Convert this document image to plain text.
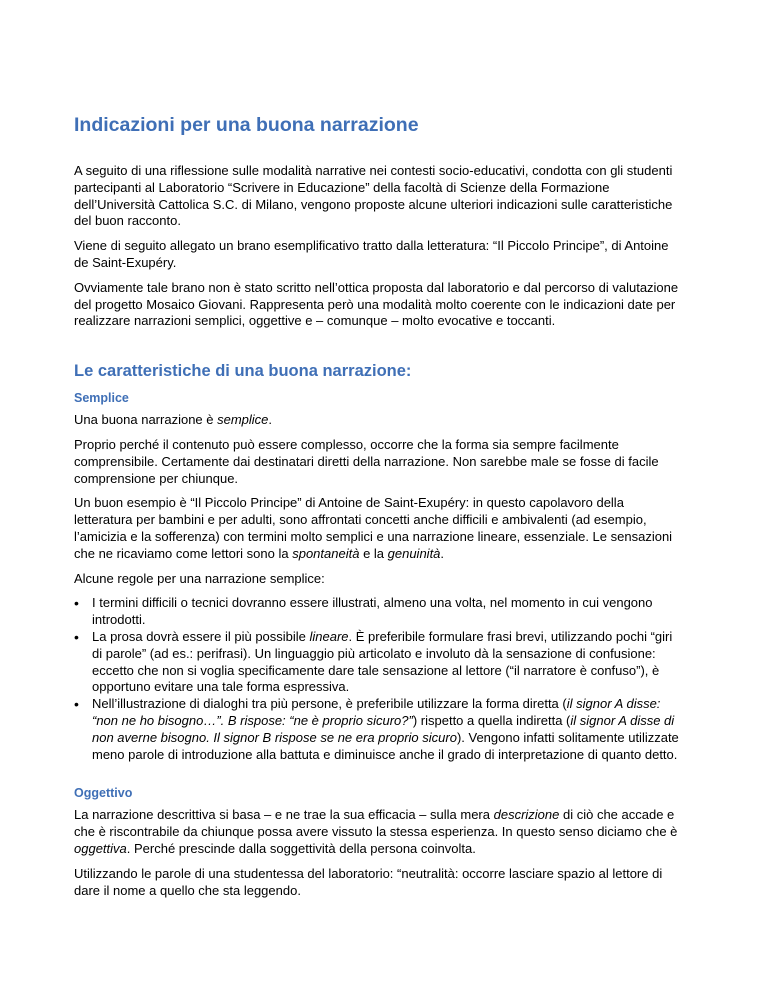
Indicazioni per una buona narrazione

A seguito di una riflessione sulle modalità narrative nei contesti socio-educativi, condotta con gli studenti partecipanti al Laboratorio “Scrivere in Educazione” della facoltà di Scienze della Formazione dell’Università Cattolica S.C. di Milano, vengono proposte alcune ulteriori indicazioni sulle caratteristiche del buon racconto.

Viene di seguito allegato un brano esemplificativo tratto dalla letteratura: “Il Piccolo Principe”, di Antoine de Saint-Exupéry.

Ovviamente tale brano non è stato scritto nell’ottica proposta dal laboratorio e dal percorso di valutazione del progetto Mosaico Giovani. Rappresenta però una modalità molto coerente con le indicazioni date per realizzare narrazioni semplici, oggettive e – comunque – molto evocative e toccanti.

Le caratteristiche di una buona narrazione:
Semplice

Una buona narrazione è semplice.

Proprio perché il contenuto può essere complesso, occorre che la forma sia sempre facilmente comprensibile. Certamente dai destinatari diretti della narrazione. Non sarebbe male se fosse di facile comprensione per chiunque.

Un buon esempio è “Il Piccolo Principe” di Antoine de Saint-Exupéry: in questo capolavoro della letteratura per bambini e per adulti, sono affrontati concetti anche difficili e ambivalenti (ad esempio, l’amicizia e la sofferenza) con termini molto semplici e una narrazione lineare, essenziale. Le sensazioni che ne ricaviamo come lettori sono la spontaneità e la genuinità.

Alcune regole per una narrazione semplice:

• I termini difficili o tecnici dovranno essere illustrati, almeno una volta, nel momento in cui vengono introdotti.
• La prosa dovrà essere il più possibile lineare. È preferibile formulare frasi brevi, utilizzando pochi “giri di parole” (ad es.: perifrasi). Un linguaggio più articolato e involuto dà la sensazione di confusione: eccetto che non si voglia specificamente dare tale sensazione al lettore (“il narratore è confuso”), è opportuno evitare una tale forma espressiva.
• Nell’illustrazione di dialoghi tra più persone, è preferibile utilizzare la forma diretta (il signor A disse: “non ne ho bisogno…”. B rispose: “ne è proprio sicuro?”) rispetto a quella indiretta (il signor A disse di non averne bisogno. Il signor B rispose se ne era proprio sicuro). Vengono infatti solitamente utilizzate meno parole di introduzione alla battuta e diminuisce anche il grado di interpretazione di quanto detto.
Oggettivo

La narrazione descrittiva si basa – e ne trae la sua efficacia – sulla mera descrizione di ciò che accade e che è riscontrabile da chiunque possa avere vissuto la stessa esperienza. In questo senso diciamo che è oggettiva. Perché prescinde dalla soggettività della persona coinvolta.

Utilizzando le parole di una studentessa del laboratorio: “neutralità: occorre lasciare spazio al lettore di dare il nome a quello che sta leggendo.
